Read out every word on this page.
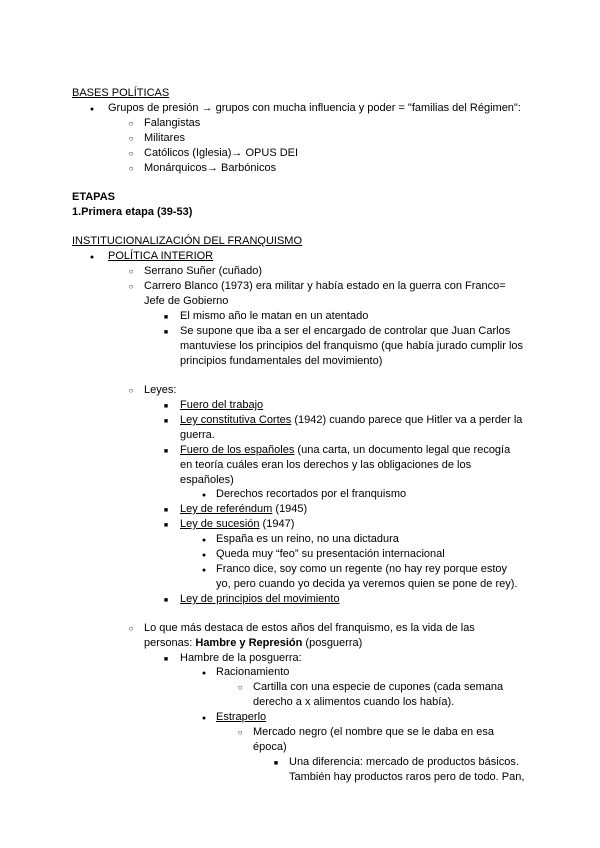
BASES POLÍTICAS
●
Grupos de presión → grupos con mucha influencia y poder = "familias del Régimen":
○
Falangistas
○
Militares
○
Católicos (Iglesia)→ OPUS DEI
○
Monárquicos→ Barbónicos
ETAPAS
1.Primera etapa (39-53)
INSTITUCIONALIZACIÓN DEL FRANQUISMO
●
POLÍTICA INTERIOR
○
Serrano Suñer (cuñado)
○
Carrero Blanco (1973) era militar y había estado en la guerra con Franco=
Jefe de Gobierno
■
El mismo año le matan en un atentado
■
Se supone que iba a ser el encargado de controlar que Juan Carlos
mantuviese los principios del franquismo (que había jurado cumplir los
principios fundamentales del movimiento)
○
Leyes:
■
Fuero del trabajo
■
Ley constitutiva Cortes (1942) cuando parece que Hitler va a perder la
guerra.
■
Fuero de los españoles (una carta, un documento legal que recogía
en teoría cuáles eran los derechos y las obligaciones de los
españoles)
●
Derechos recortados por el franquismo
■
Ley de referéndum (1945)
■
Ley de sucesión (1947)
●
España es un reino, no una dictadura
●
Queda muy “feo” su presentación internacional
●
Franco dice, soy como un regente (no hay rey porque estoy
yo, pero cuando yo decida ya veremos quien se pone de rey).
■
Ley de principios del movimiento
○
Lo que más destaca de estos años del franquismo, es la vida de las
personas: Hambre y Represión (posguerra)
■
Hambre de la posguerra:
●
Racionamiento
○
Cartilla con una especie de cupones (cada semana
derecho a x alimentos cuando los había).
●
Estraperlo
○
Mercado negro (el nombre que se le daba en esa
época)
■
Una diferencia: mercado de productos básicos.
También hay productos raros pero de todo. Pan,
